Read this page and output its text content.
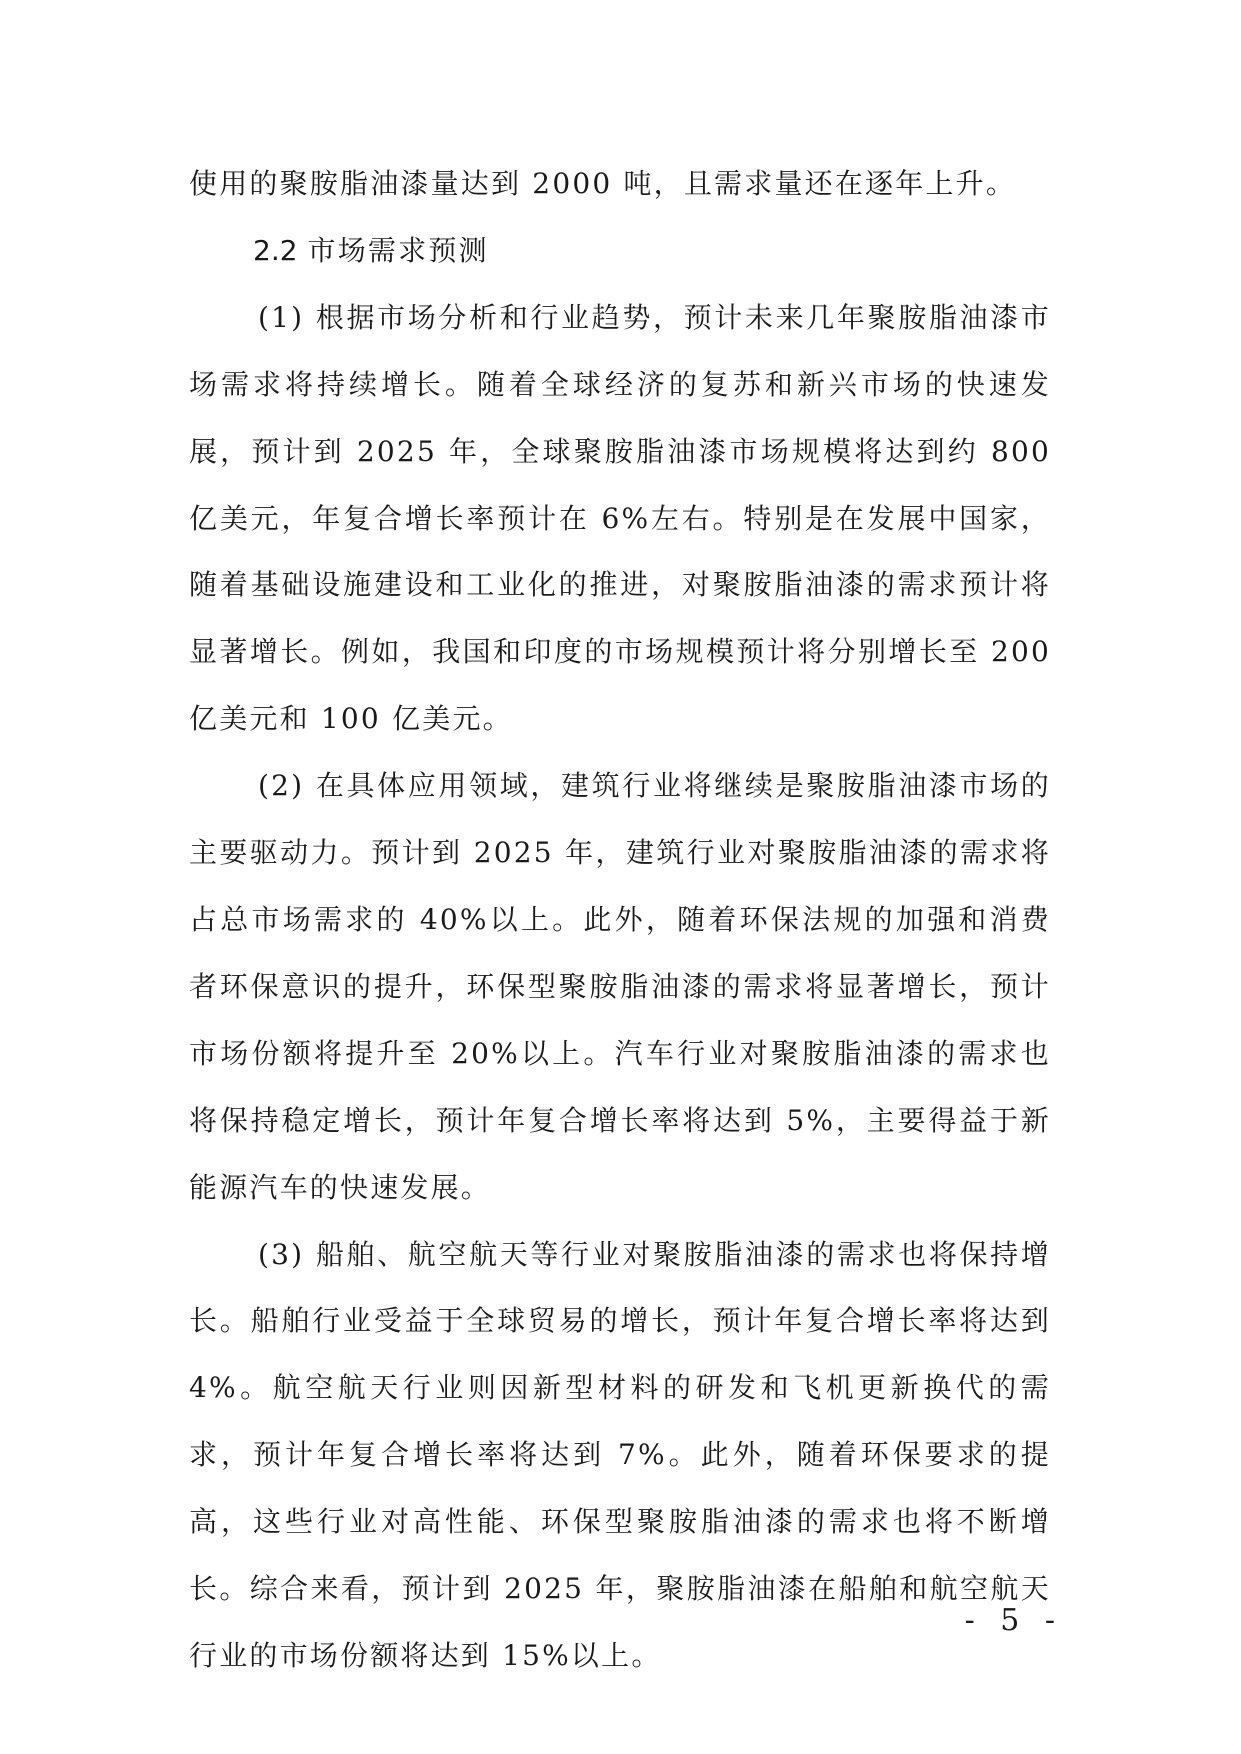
使用的聚胺脂油漆量达到 2000 吨，且需求量还在逐年上升。

2.2 市场需求预测

(1) 根据市场分析和行业趋势，预计未来几年聚胺脂油漆市场需求将持续增长。随着全球经济的复苏和新兴市场的快速发展，预计到 2025 年，全球聚胺脂油漆市场规模将达到约 800 亿美元，年复合增长率预计在 6%左右。特别是在发展中国家，随着基础设施建设和工业化的推进，对聚胺脂油漆的需求预计将显著增长。例如，我国和印度的市场规模预计将分别增长至 200 亿美元和 100 亿美元。

(2) 在具体应用领域，建筑行业将继续是聚胺脂油漆市场的主要驱动力。预计到 2025 年，建筑行业对聚胺脂油漆的需求将占总市场需求的 40%以上。此外，随着环保法规的加强和消费者环保意识的提升，环保型聚胺脂油漆的需求将显著增长，预计市场份额将提升至 20%以上。汽车行业对聚胺脂油漆的需求也将保持稳定增长，预计年复合增长率将达到 5%，主要得益于新能源汽车的快速发展。

(3) 船舶、航空航天等行业对聚胺脂油漆的需求也将保持增长。船舶行业受益于全球贸易的增长，预计年复合增长率将达到 4%。航空航天行业则因新型材料的研发和飞机更新换代的需求，预计年复合增长率将达到 7%。此外，随着环保要求的提高，这些行业对高性能、环保型聚胺脂油漆的需求也将不断增长。综合来看，预计到 2025 年，聚胺脂油漆在船舶和航空航天行业的市场份额将达到 15%以上。

- 5 -
